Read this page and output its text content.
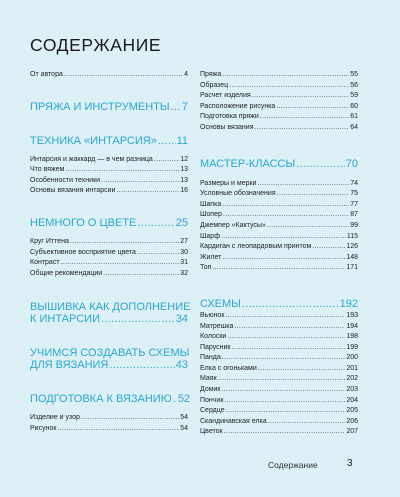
СОДЕРЖАНИЕ
От автора .....	4
ПРЯЖА И ИНСТРУМЕНТЫ ..... 7
ТЕХНИКА «ИНТАРСИЯ» ..... 11
Интарсия и жаккард — в чем разница .....	12
Что вяжем .....	13
Особенности техники .....	13
Основы вязания интарсии .....	16
НЕМНОГО О ЦВЕТЕ .....	25
Круг Иттена .....	27
Субъективное восприятие цвета .....	30
Контраст .....	31
Общие рекомендации .....	32
ВЫШИВКА КАК ДОПОЛНЕНИЕ
К ИНТАРСИИ .....	34
УЧИМСЯ СОЗДАВАТЬ СХЕМЫ
ДЛЯ ВЯЗАНИЯ .....	43
ПОДГОТОВКА К ВЯЗАНИЮ ..... 52
Изделие и узор .....	54
Рисунок .....	54
Пряжа .....	55
Образец .....	56
Расчет изделия .....	59
Расположение рисунка .....	60
Подготовка пряжи .....	61
Основы вязания .....	64
МАСТЕР-КЛАССЫ .....	70
Размеры и мерки .....	74
Условные обозначения .....	75
Шапка .....	77
Шопер .....	87
Джемпер «Кактусы» .....	99
Шарф .....	115
Кардиган с леопардовым принтом .....	126
Жилет .....	148
Топ .....	171
СХЕМЫ .....	192
Вьюнок .....	193
Матрешка .....	194
Колоски .....	198
Парусник .....	199
Панда .....	200
Елка с огоньками .....	201
Маяк .....	202
Домик .....	203
Пончик .....	204
Сердце .....	205
Скандинавская елка .....	206
Цветок .....	207
Содержание	3
